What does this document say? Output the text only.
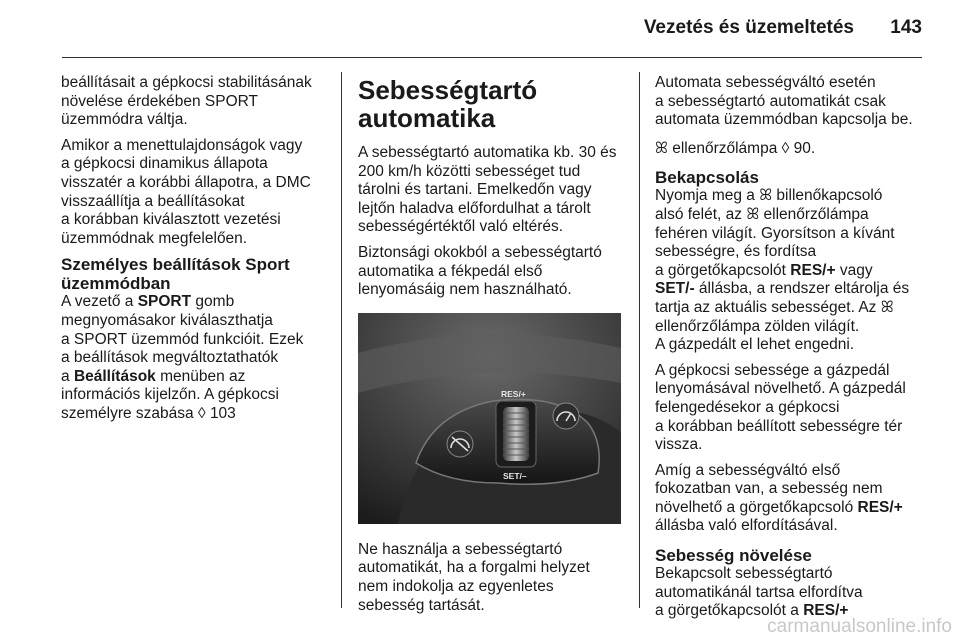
Vezetés és üzemeltetés 143

beállításait a gépkocsi stabilitásának
növelése érdekében SPORT
üzemmódra váltja.

Amikor a menettulajdonságok vagy
a gépkocsi dinamikus állapota
visszatér a korábbi állapotra, a DMC
visszaállítja a beállításokat
a korábban kiválasztott vezetési
üzemmódnak megfelelően.

Személyes beállítások Sport
üzemmódban

A vezető a SPORT gomb
megnyomásakor kiválaszthatja
a SPORT üzemmód funkcióit. Ezek
a beállítások megváltoztathatók
a Beállítások menüben az
információs kijelzőn. A gépkocsi
személyre szabása ◊ 103

Sebességtartó
automatika

A sebességtartó automatika kb. 30 és
200 km/h közötti sebességet tud
tárolni és tartani. Emelkedőn vagy
lejtőn haladva előfordulhat a tárolt
sebességértéktől való eltérés.

Biztonsági okokból a sebességtartó
automatika a fékpedál első
lenyomásáig nem használható.

RES/+
SET/–

Ne használja a sebességtartó
automatikát, ha a forgalmi helyzet
nem indokolja az egyenletes
sebesség tartását.

Automata sebességváltó esetén
a sebességtartó automatikát csak
automata üzemmódban kapcsolja be.

ꕤ ellenőrzőlámpa ◊ 90.

Bekapcsolás

Nyomja meg a ꕤ billenőkapcsoló
alsó felét, az ꕤ ellenőrzőlámpa
fehéren világít. Gyorsítson a kívánt
sebességre, és fordítsa
a görgetőkapcsolót RES/+ vagy
SET/- állásba, a rendszer eltárolja és
tartja az aktuális sebességet. Az ꕤ
ellenőrzőlámpa zölden világít.
A gázpedált el lehet engedni.

A gépkocsi sebessége a gázpedál
lenyomásával növelhető. A gázpedál
felengedésekor a gépkocsi
a korábban beállított sebességre tér
vissza.

Amíg a sebességváltó első
fokozatban van, a sebesség nem
növelhető a görgetőkapcsoló RES/+
állásba való elfordításával.

Sebesség növelése

Bekapcsolt sebességtartó
automatikánál tartsa elfordítva
a görgetőkapcsolót a RES/+

carmanualsonline.info
